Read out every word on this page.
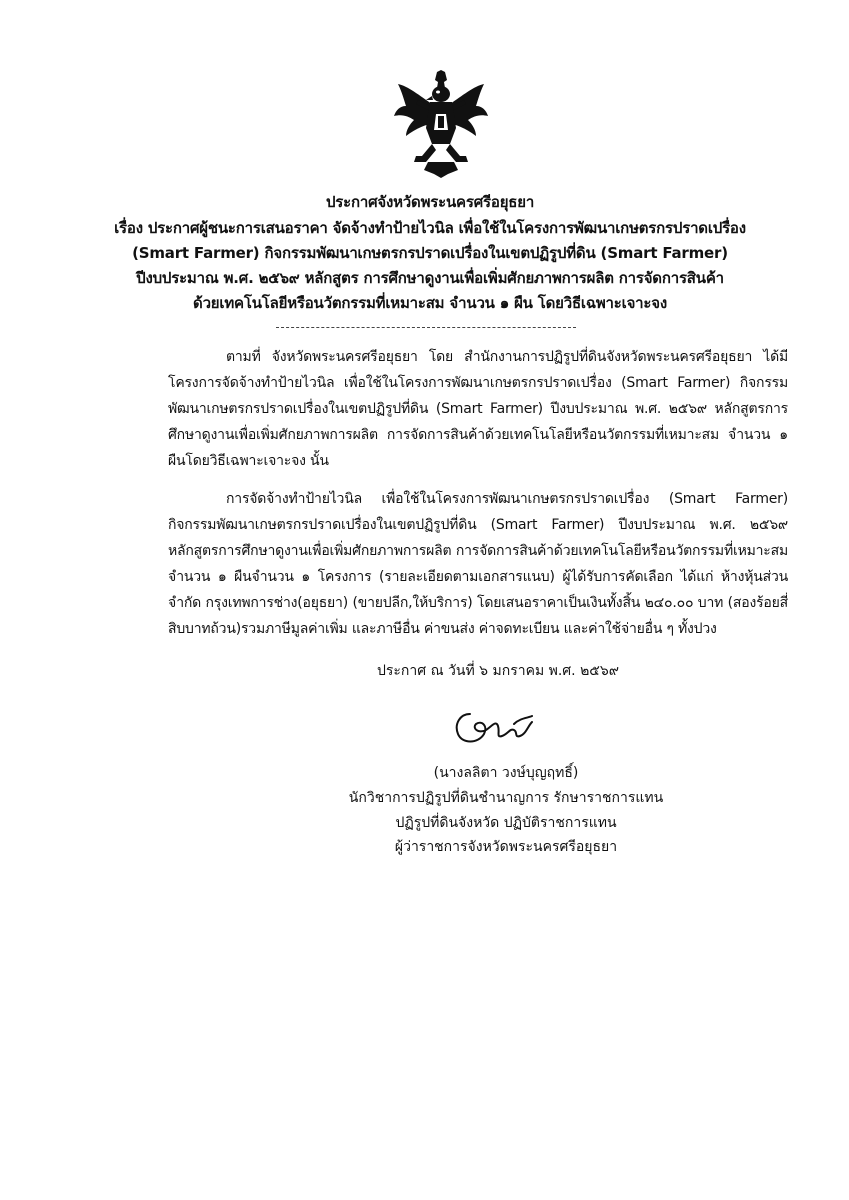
ประกาศจังหวัดพระนครศรีอยุธยา
เรื่อง ประกาศผู้ชนะการเสนอราคา จัดจ้างทำป้ายไวนิล เพื่อใช้ในโครงการพัฒนาเกษตรกรปราดเปรื่อง
(Smart Farmer) กิจกรรมพัฒนาเกษตรกรปราดเปรื่องในเขตปฏิรูปที่ดิน (Smart Farmer)
ปีงบประมาณ พ.ศ. ๒๕๖๙ หลักสูตร การศึกษาดูงานเพื่อเพิ่มศักยภาพการผลิต การจัดการสินค้า
ด้วยเทคโนโลยีหรือนวัตกรรมที่เหมาะสม จำนวน ๑ ผืน โดยวิธีเฉพาะเจาะจง
ตามที่ จังหวัดพระนครศรีอยุธยา โดย สำนักงานการปฏิรูปที่ดินจังหวัดพระนครศรีอยุธยา ได้มีโครงการจัดจ้างทำป้ายไวนิล เพื่อใช้ในโครงการพัฒนาเกษตรกรปราดเปรื่อง (Smart Farmer) กิจกรรมพัฒนาเกษตรกรปราดเปรื่องในเขตปฏิรูปที่ดิน (Smart Farmer) ปีงบประมาณ พ.ศ. ๒๕๖๙ หลักสูตรการศึกษาดูงานเพื่อเพิ่มศักยภาพการผลิต การจัดการสินค้าด้วยเทคโนโลยีหรือนวัตกรรมที่เหมาะสม จำนวน ๑ ผืนโดยวิธีเฉพาะเจาะจง นั้น
การจัดจ้างทำป้ายไวนิล เพื่อใช้ในโครงการพัฒนาเกษตรกรปราดเปรื่อง (Smart Farmer) กิจกรรมพัฒนาเกษตรกรปราดเปรื่องในเขตปฏิรูปที่ดิน (Smart Farmer) ปีงบประมาณ พ.ศ. ๒๕๖๙ หลักสูตรการศึกษาดูงานเพื่อเพิ่มศักยภาพการผลิต การจัดการสินค้าด้วยเทคโนโลยีหรือนวัตกรรมที่เหมาะสม จำนวน ๑ ผืนจำนวน ๑ โครงการ (รายละเอียดตามเอกสารแนบ) ผู้ได้รับการคัดเลือก ได้แก่ ห้างหุ้นส่วนจำกัด กรุงเทพการช่าง(อยุธยา) (ขายปลีก,ให้บริการ) โดยเสนอราคาเป็นเงินทั้งสิ้น ๒๔๐.๐๐ บาท (สองร้อยสี่สิบบาทถ้วน)รวมภาษีมูลค่าเพิ่ม และภาษีอื่น ค่าขนส่ง ค่าจดทะเบียน และค่าใช้จ่ายอื่น ๆ ทั้งปวง
ประกาศ ณ วันที่ ๖ มกราคม พ.ศ. ๒๕๖๙
(นางลลิตา วงษ์บุญฤทธิ์)
นักวิชาการปฏิรูปที่ดินชำนาญการ รักษาราชการแทน
ปฏิรูปที่ดินจังหวัด ปฏิบัติราชการแทน
ผู้ว่าราชการจังหวัดพระนครศรีอยุธยา
